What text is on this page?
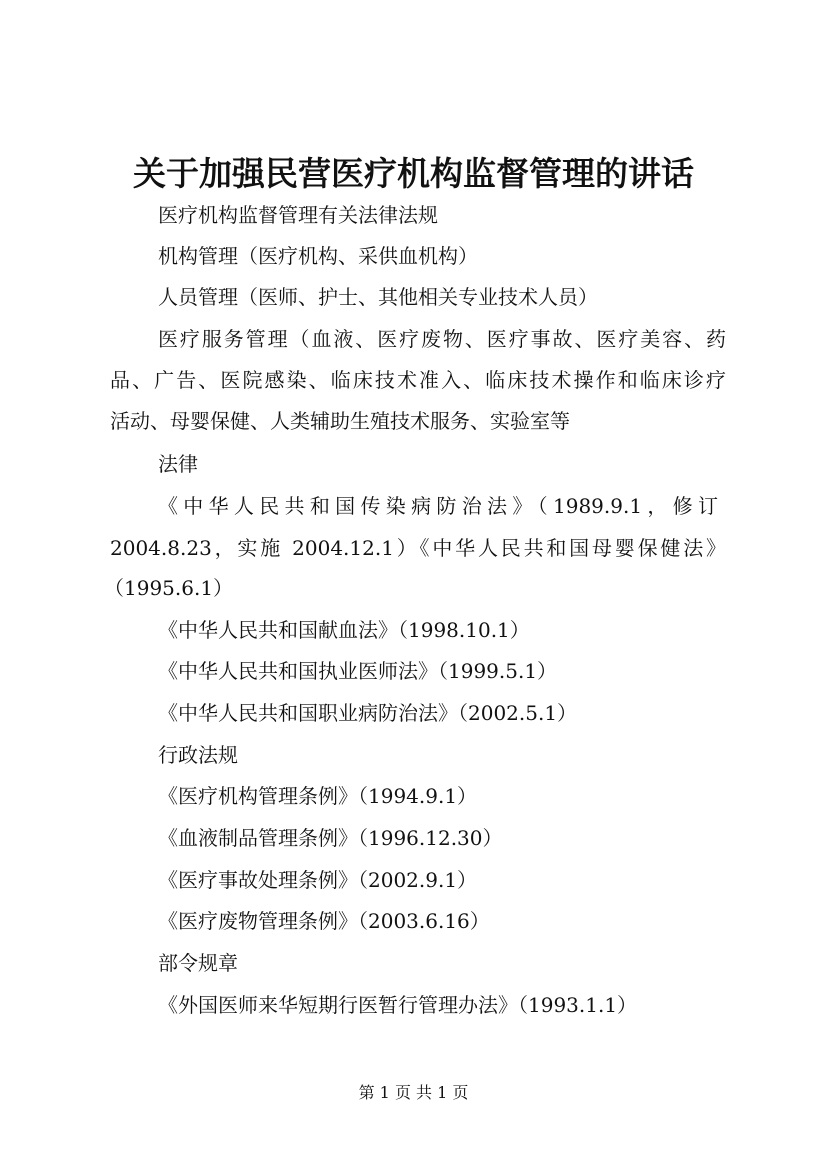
关于加强民营医疗机构监督管理的讲话

医疗机构监督管理有关法律法规

机构管理（医疗机构、采供血机构）

人员管理（医师、护士、其他相关专业技术人员）

医疗服务管理（血液、医疗废物、医疗事故、医疗美容、药

品、广告、医院感染、临床技术准入、临床技术操作和临床诊疗

活动、母婴保健、人类辅助生殖技术服务、实验室等

法律

《中华人民共和国传染病防治法》（1989.9.1，修订

2004.8.23，实施 2004.12.1）《中华人民共和国母婴保健法》

（1995.6.1）

《中华人民共和国献血法》（1998.10.1）

《中华人民共和国执业医师法》（1999.5.1）

《中华人民共和国职业病防治法》（2002.5.1）

行政法规

《医疗机构管理条例》（1994.9.1）

《血液制品管理条例》（1996.12.30）

《医疗事故处理条例》（2002.9.1）

《医疗废物管理条例》（2003.6.16）

部令规章

《外国医师来华短期行医暂行管理办法》（1993.1.1）

第 1 页 共 1 页
